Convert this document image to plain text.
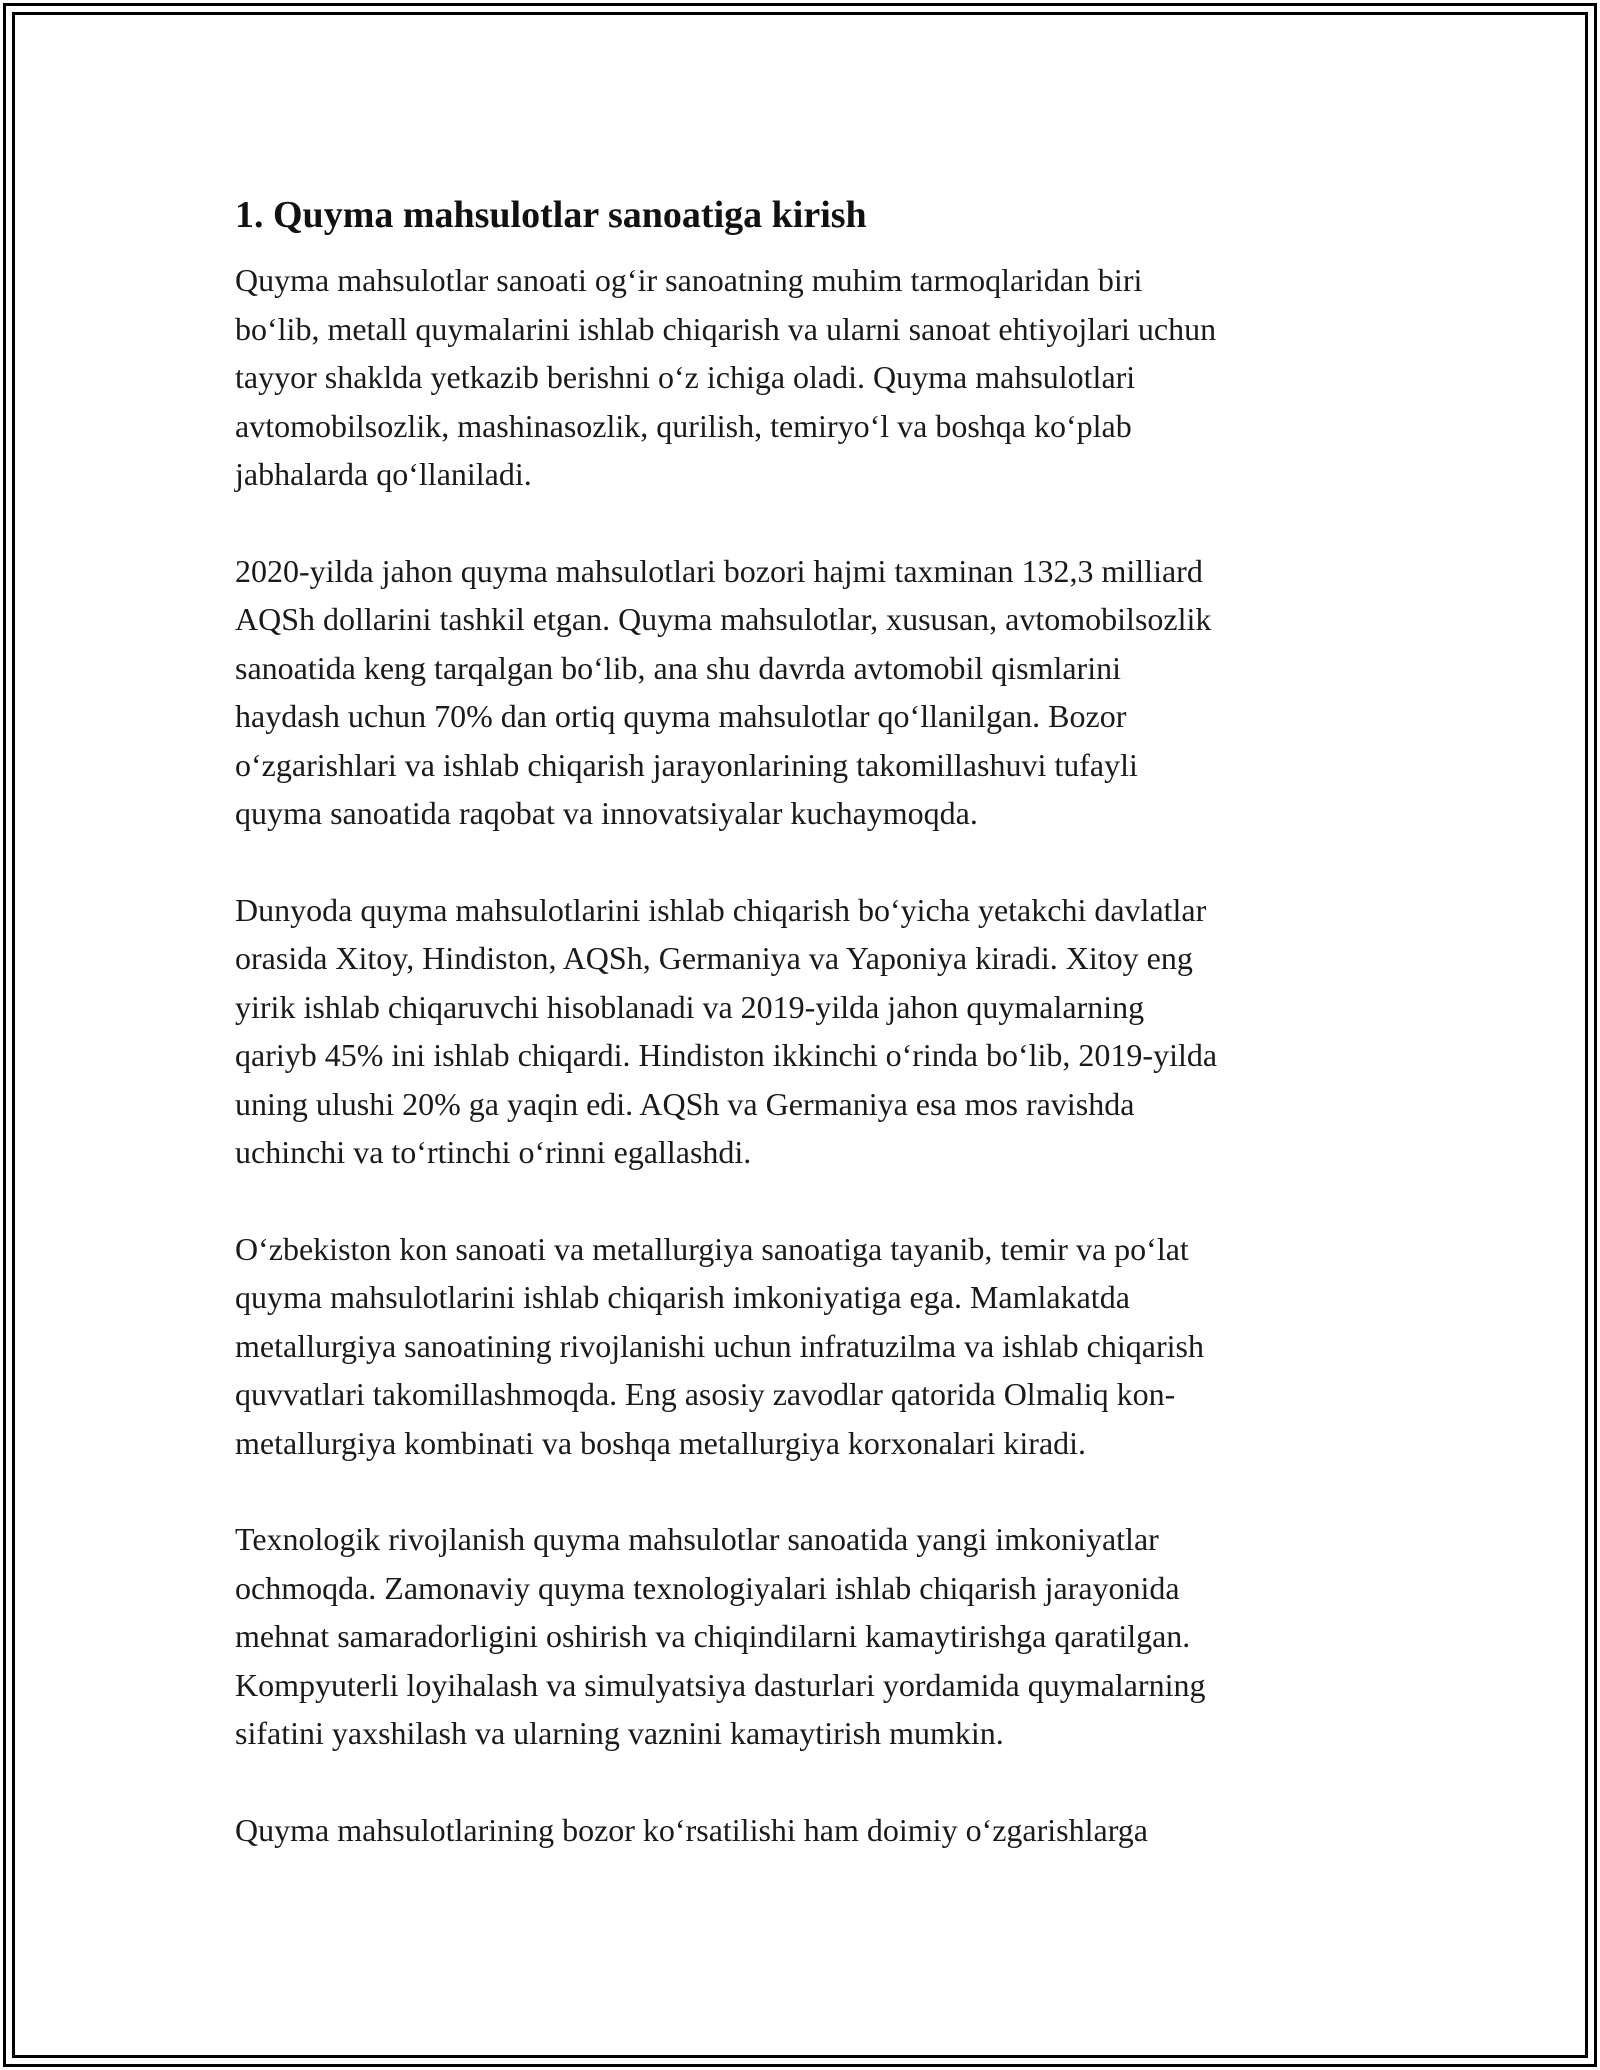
1. Quyma mahsulotlar sanoatiga kirish

Quyma mahsulotlar sanoati og‘ir sanoatning muhim tarmoqlaridan biri
bo‘lib, metall quymalarini ishlab chiqarish va ularni sanoat ehtiyojlari uchun
tayyor shaklda yetkazib berishni o‘z ichiga oladi. Quyma mahsulotlari
avtomobilsozlik, mashinasozlik, qurilish, temiryo‘l va boshqa ko‘plab
jabhalarda qo‘llaniladi.

2020-yilda jahon quyma mahsulotlari bozori hajmi taxminan 132,3 milliard
AQSh dollarini tashkil etgan. Quyma mahsulotlar, xususan, avtomobilsozlik
sanoatida keng tarqalgan bo‘lib, ana shu davrda avtomobil qismlarini
haydash uchun 70% dan ortiq quyma mahsulotlar qo‘llanilgan. Bozor
o‘zgarishlari va ishlab chiqarish jarayonlarining takomillashuvi tufayli
quyma sanoatida raqobat va innovatsiyalar kuchaymoqda.

Dunyoda quyma mahsulotlarini ishlab chiqarish bo‘yicha yetakchi davlatlar
orasida Xitoy, Hindiston, AQSh, Germaniya va Yaponiya kiradi. Xitoy eng
yirik ishlab chiqaruvchi hisoblanadi va 2019-yilda jahon quymalarning
qariyb 45% ini ishlab chiqardi. Hindiston ikkinchi o‘rinda bo‘lib, 2019-yilda
uning ulushi 20% ga yaqin edi. AQSh va Germaniya esa mos ravishda
uchinchi va to‘rtinchi o‘rinni egallashdi.

O‘zbekiston kon sanoati va metallurgiya sanoatiga tayanib, temir va po‘lat
quyma mahsulotlarini ishlab chiqarish imkoniyatiga ega. Mamlakatda
metallurgiya sanoatining rivojlanishi uchun infratuzilma va ishlab chiqarish
quvvatlari takomillashmoqda. Eng asosiy zavodlar qatorida Olmaliq kon-
metallurgiya kombinati va boshqa metallurgiya korxonalari kiradi.

Texnologik rivojlanish quyma mahsulotlar sanoatida yangi imkoniyatlar
ochmoqda. Zamonaviy quyma texnologiyalari ishlab chiqarish jarayonida
mehnat samaradorligini oshirish va chiqindilarni kamaytirishga qaratilgan.
Kompyuterli loyihalash va simulyatsiya dasturlari yordamida quymalarning
sifatini yaxshilash va ularning vaznini kamaytirish mumkin.

Quyma mahsulotlarining bozor ko‘rsatilishi ham doimiy o‘zgarishlarga
